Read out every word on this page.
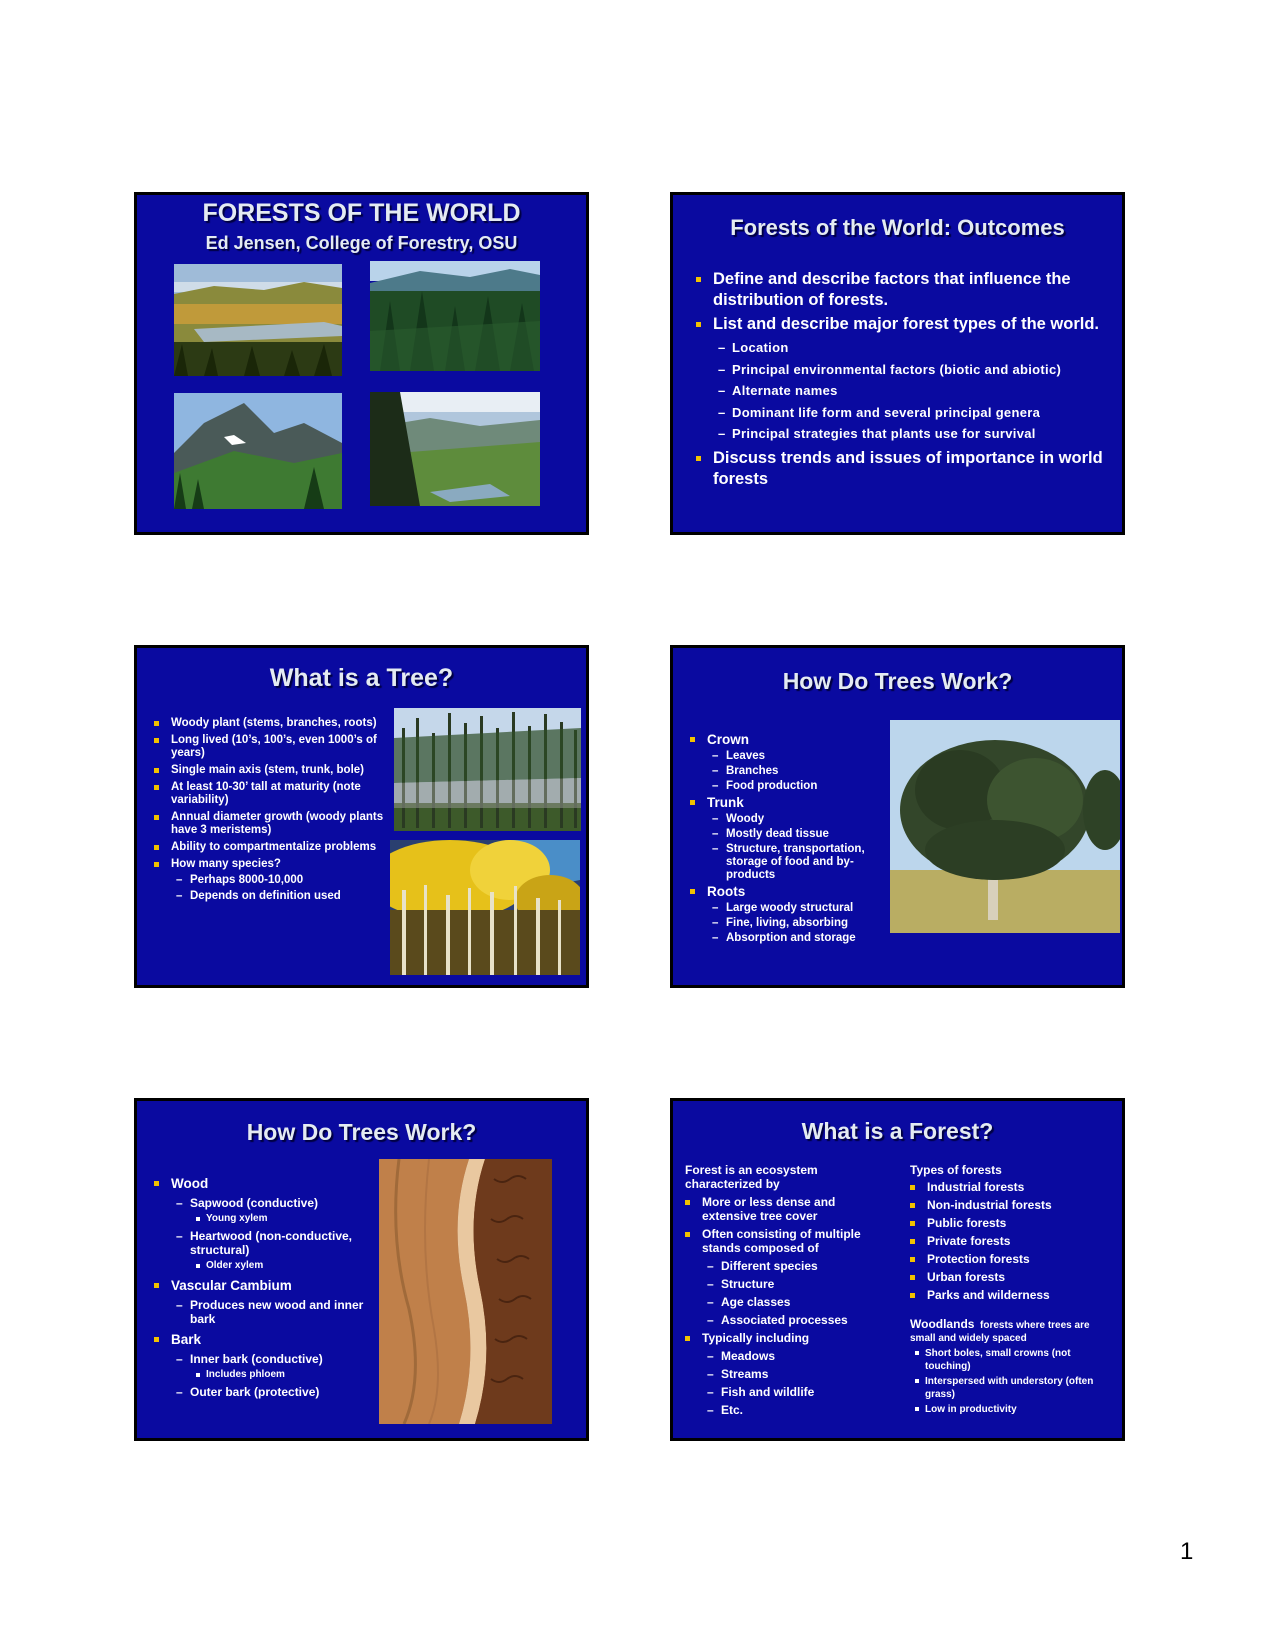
FORESTS OF THE WORLD
Ed Jensen, College of Forestry, OSU
Forests of the World: Outcomes
Define and describe factors that influence the distribution of forests.
List and describe major forest types of the world.
– Location
– Principal environmental factors (biotic and abiotic)
– Alternate names
– Dominant life form and several principal genera
– Principal strategies that plants use for survival
Discuss trends and issues of importance in world forests
What is a Tree?
Woody plant (stems, branches, roots)
Long lived (10’s, 100’s, even 1000’s of years)
Single main axis (stem, trunk, bole)
At least 10-30’ tall at maturity (note variability)
Annual diameter growth (woody plants have 3 meristems)
Ability to compartmentalize problems
How many species?
– Perhaps 8000-10,000
– Depends on definition used
How Do Trees Work?
Crown
– Leaves
– Branches
– Food production
Trunk
– Woody
– Mostly dead tissue
– Structure, transportation, storage of food and by-products
Roots
– Large woody structural
– Fine, living, absorbing
– Absorption and storage
How Do Trees Work?
Wood
– Sapwood (conductive)
Young xylem
– Heartwood (non-conductive, structural)
Older xylem
Vascular Cambium
– Produces new wood and inner bark
Bark
– Inner bark (conductive)
Includes phloem
– Outer bark (protective)
What is a Forest?
Forest is an ecosystem characterized by
More or less dense and extensive tree cover
Often consisting of multiple stands composed of
– Different species
– Structure
– Age classes
– Associated processes
Typically including
– Meadows
– Streams
– Fish and wildlife
– Etc.
Types of forests
Industrial forests
Non-industrial forests
Public forests
Private forests
Protection forests
Urban forests
Parks and wilderness
Woodlands forests where trees are small and widely spaced
Short boles, small crowns (not touching)
Interspersed with understory (often grass)
Low in productivity
1
